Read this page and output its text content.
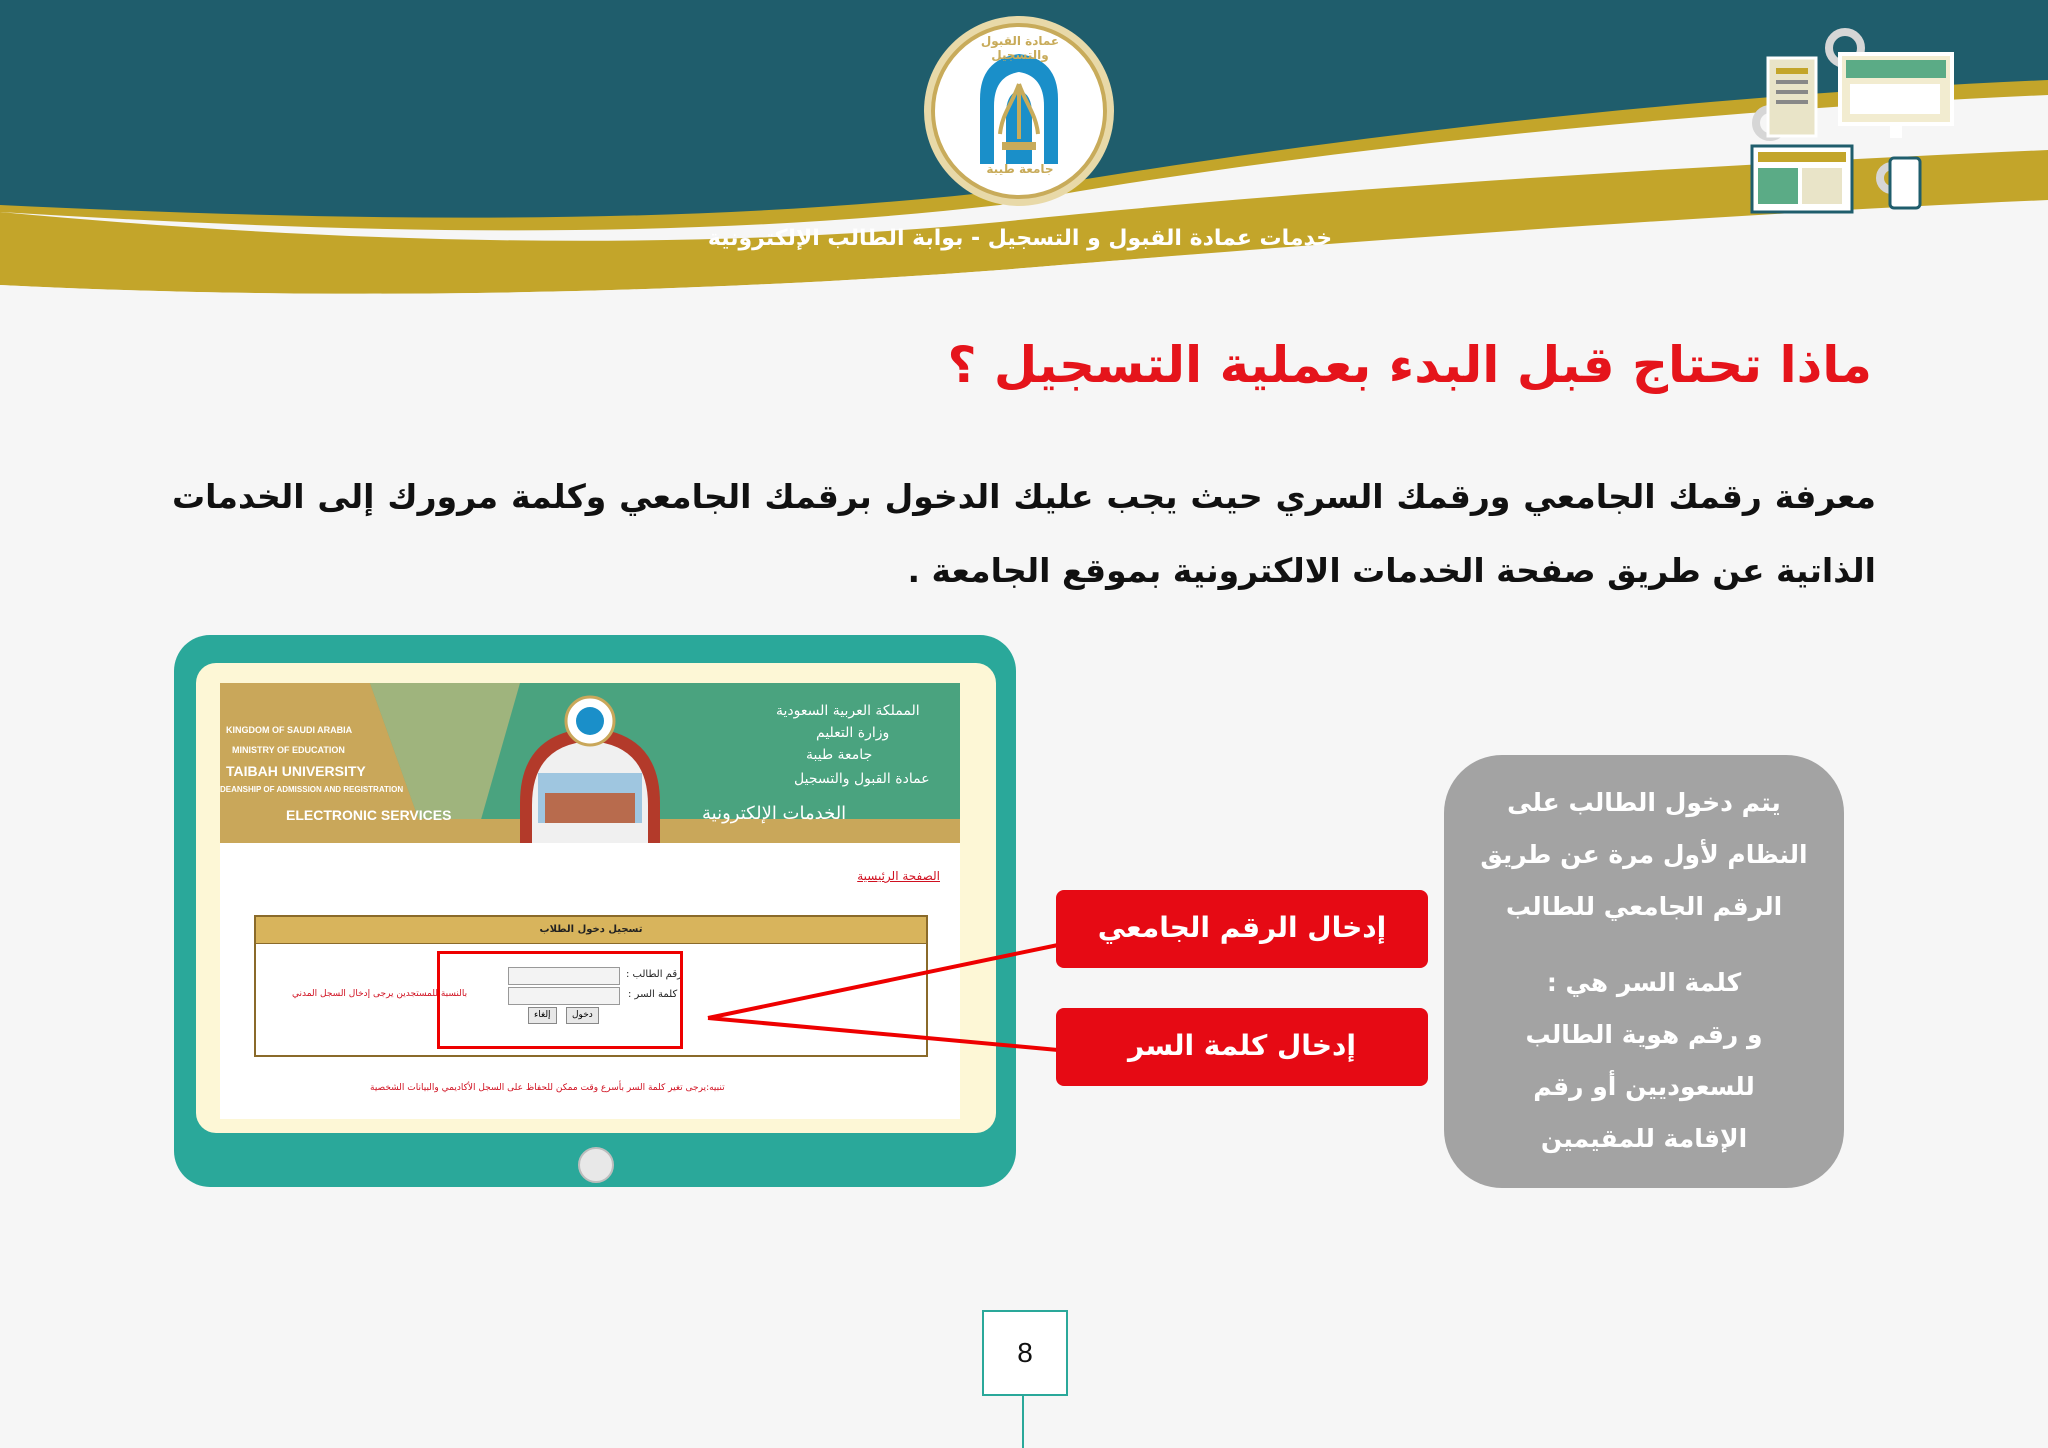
عمادة القبول والتسجيل
جامعة طيبة
خدمات عمادة القبول و التسجيل - بوابة الطالب الإلكترونية
ماذا تحتاج قبل البدء بعملية التسجيل ؟
معرفة رقمك الجامعي ورقمك السري حيث يجب عليك الدخول برقمك الجامعي وكلمة مرورك إلى الخدمات الذاتية عن طريق صفحة الخدمات الالكترونية بموقع الجامعة .
KINGDOM OF SAUDI ARABIA
MINISTRY OF EDUCATION
TAIBAH UNIVERSITY
DEANSHIP OF ADMISSION AND REGISTRATION
ELECTRONIC SERVICES
المملكة العربية السعودية
وزارة التعليم
جامعة طيبة
عمادة القبول والتسجيل
الخدمات الإلكترونية
الصفحة الرئيسية
تسجيل دخول الطلاب
رقم الطالب :
كلمة السر :
دخول
إلغاء
بالنسبة للمستجدين يرجى إدخال السجل المدني
تنبيه:يرجى تغير كلمة السر بأسرع وقت ممكن للحفاظ على السجل الأكاديمي والبيانات الشخصية
إدخال الرقم الجامعي
إدخال كلمة السر

يتم دخول الطالب على

النظام لأول مرة عن طريق

الرقم الجامعي للطالب

كلمة السر هي :

و رقم هوية الطالب

للسعوديين أو رقم

الإقامة للمقيمين

8
